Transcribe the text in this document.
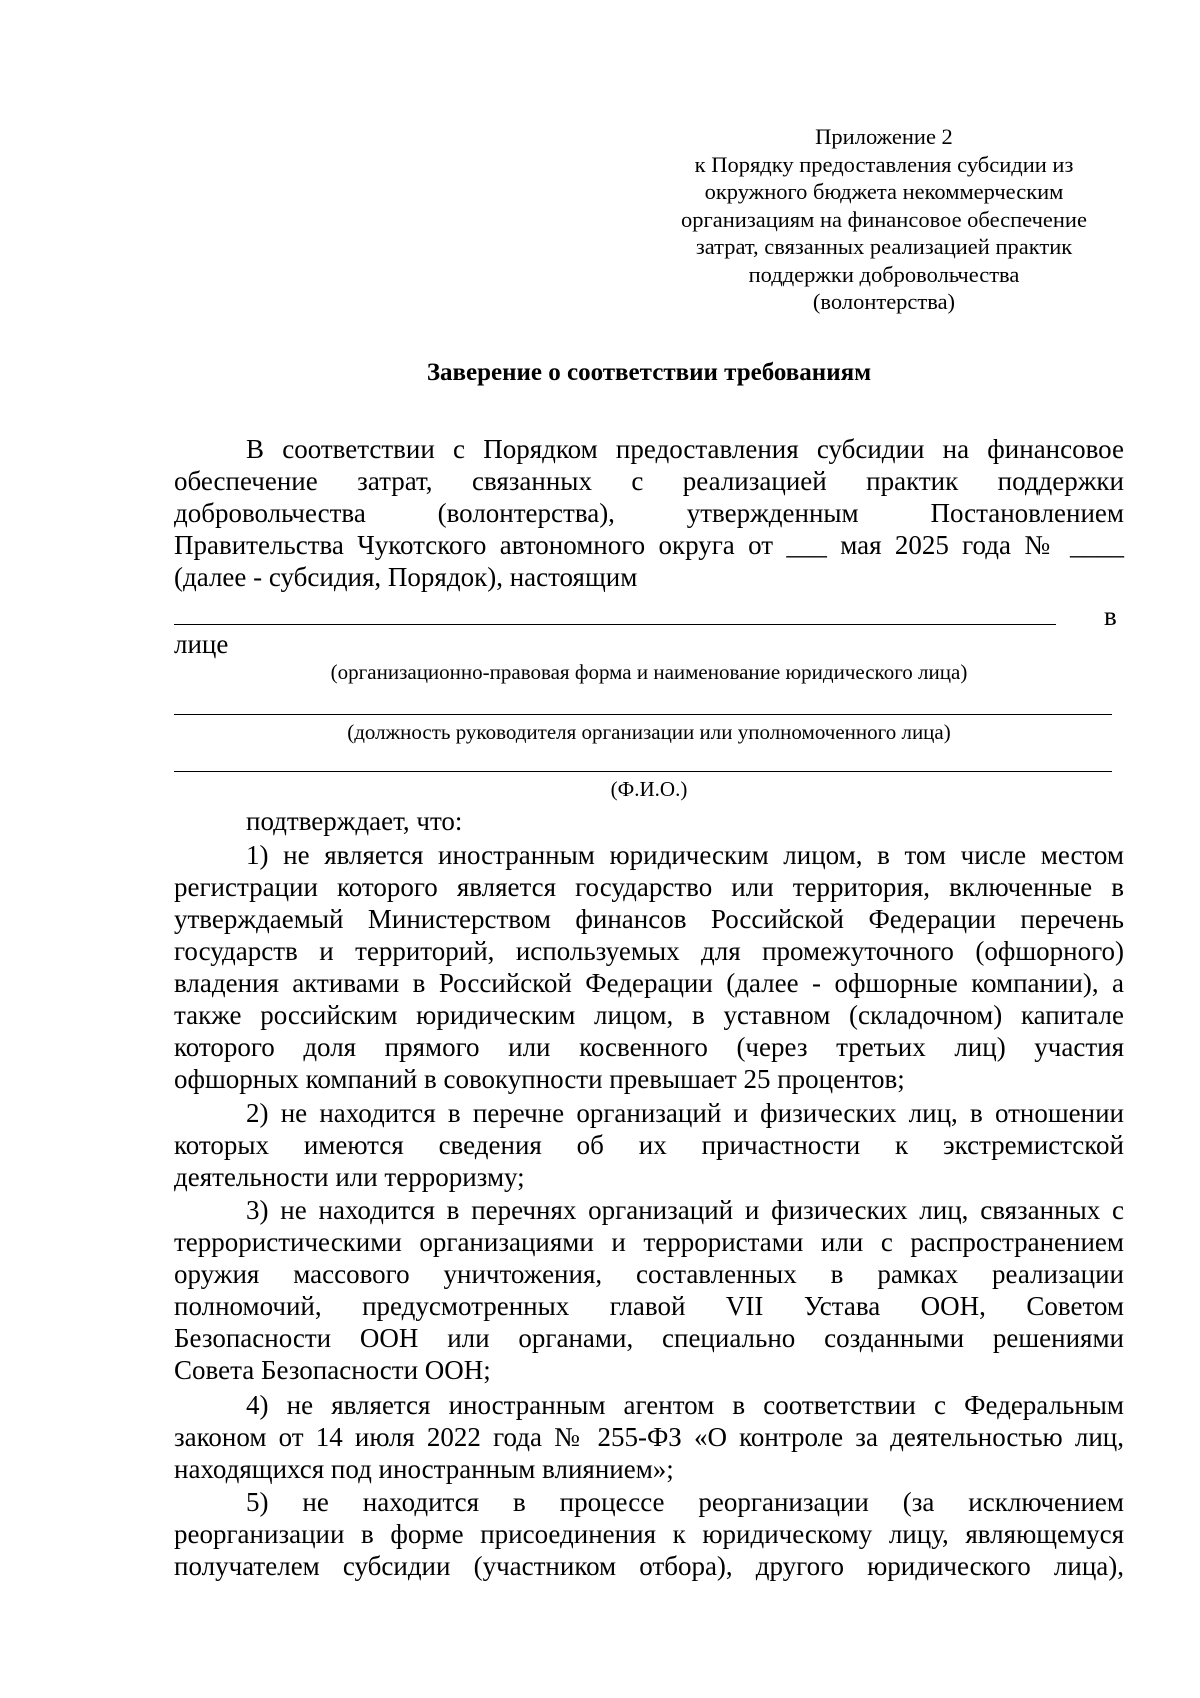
Приложение 2
к Порядку предоставления субсидии из
окружного бюджета некоммерческим
организациям на финансовое обеспечение
затрат, связанных реализацией практик
поддержки добровольчества
(волонтерства)
Заверение о соответствии требованиям
В соответствии с Порядком предоставления субсидии на финансовое
обеспечение затрат, связанных с реализацией практик поддержки
добровольчества (волонтерства), утвержденным Постановлением
Правительства Чукотского автономного округа от ___ мая 2025 года № ____
(далее - субсидия, Порядок), настоящим
в
лице
(организационно-правовая форма и наименование юридического лица)
(должность руководителя организации или уполномоченного лица)
(Ф.И.О.)
подтверждает, что:
1) не является иностранным юридическим лицом, в том числе местом
регистрации которого является государство или территория, включенные в
утверждаемый Министерством финансов Российской Федерации перечень
государств и территорий, используемых для промежуточного (офшорного)
владения активами в Российской Федерации (далее - офшорные компании), а
также российским юридическим лицом, в уставном (складочном) капитале
которого доля прямого или косвенного (через третьих лиц) участия
офшорных компаний в совокупности превышает 25 процентов;
2) не находится в перечне организаций и физических лиц, в отношении
которых имеются сведения об их причастности к экстремистской
деятельности или терроризму;
3) не находится в перечнях организаций и физических лиц, связанных с
террористическими организациями и террористами или с распространением
оружия массового уничтожения, составленных в рамках реализации
полномочий, предусмотренных главой VII Устава ООН, Советом
Безопасности ООН или органами, специально созданными решениями
Совета Безопасности ООН;
4) не является иностранным агентом в соответствии с Федеральным
законом от 14 июля 2022 года № 255-ФЗ «О контроле за деятельностью лиц,
находящихся под иностранным влиянием»;
5) не находится в процессе реорганизации (за исключением
реорганизации в форме присоединения к юридическому лицу, являющемуся
получателем субсидии (участником отбора), другого юридического лица),
